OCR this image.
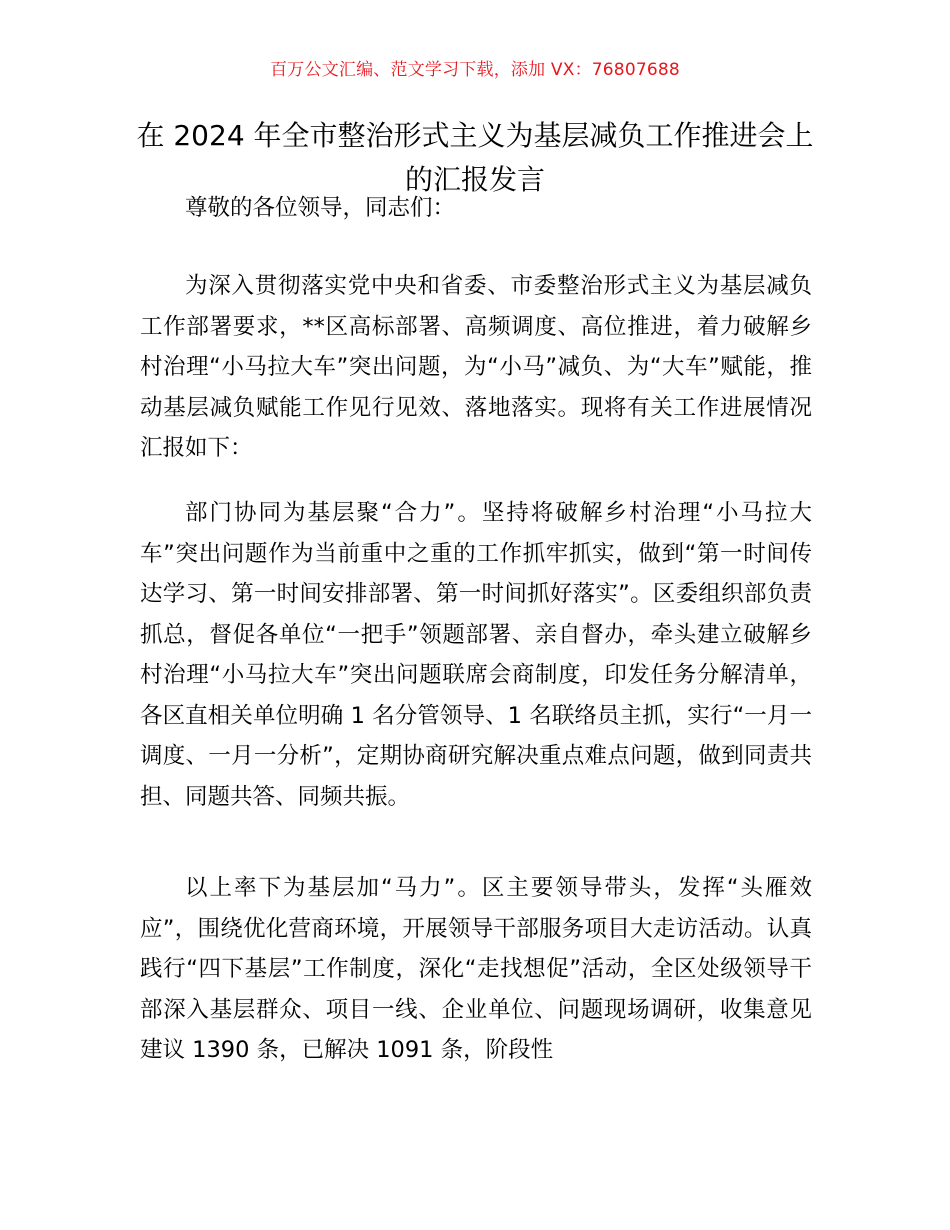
百万公文汇编、范文学习下载，添加 VX：76807688
在 2024 年全市整治形式主义为基层减负工作推进会上的汇报发言

尊敬的各位领导，同志们：

为深入贯彻落实党中央和省委、市委整治形式主义为基层减负工作部署要求，**区高标部署、高频调度、高位推进，着力破解乡村治理“小马拉大车”突出问题，为“小马”减负、为“大车”赋能，推动基层减负赋能工作见行见效、落地落实。现将有关工作进展情况汇报如下：

部门协同为基层聚“合力”。坚持将破解乡村治理“小马拉大车”突出问题作为当前重中之重的工作抓牢抓实，做到“第一时间传达学习、第一时间安排部署、第一时间抓好落实”。区委组织部负责抓总，督促各单位“一把手”领题部署、亲自督办，牵头建立破解乡村治理“小马拉大车”突出问题联席会商制度，印发任务分解清单，各区直相关单位明确 1 名分管领导、1 名联络员主抓，实行“一月一调度、一月一分析”，定期协商研究解决重点难点问题，做到同责共担、同题共答、同频共振。

以上率下为基层加“马力”。区主要领导带头，发挥“头雁效应”，围绕优化营商环境，开展领导干部服务项目大走访活动。认真践行“四下基层”工作制度，深化“走找想促”活动，全区处级领导干部深入基层群众、项目一线、企业单位、问题现场调研，收集意见建议 1390 条，已解决 1091 条，阶段性
